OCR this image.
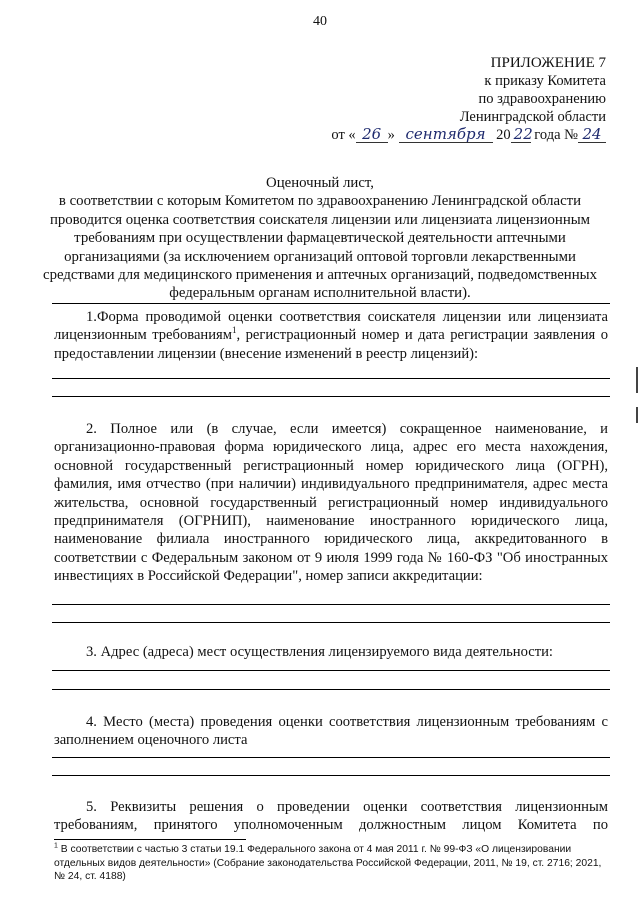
40
ПРИЛОЖЕНИЕ 7
к приказу Комитета
по здравоохранению
Ленинградской области
от « 26 » сентября 20 22 года № 24
Оценочный лист,
в соответствии с которым Комитетом по здравоохранению Ленинградской области проводится оценка соответствия соискателя лицензии или лицензиата лицензионным требованиям при осуществлении фармацевтической деятельности аптечными организациями (за исключением организаций оптовой торговли лекарственными средствами для медицинского применения и аптечных организаций, подведомственных федеральным органам исполнительной власти).
1.Форма проводимой оценки соответствия соискателя лицензии или лицензиата лицензионным требованиям$^1$, регистрационный номер и дата регистрации заявления о предоставлении лицензии (внесение изменений в реестр лицензий):
2. Полное или (в случае, если имеется) сокращенное наименование, и организационно-правовая форма юридического лица, адрес его места нахождения, основной государственный регистрационный номер юридического лица (ОГРН), фамилия, имя отчество (при наличии) индивидуального предпринимателя, адрес места жительства, основной государственный регистрационный номер индивидуального предпринимателя (ОГРНИП), наименование иностранного юридического лица, наименование филиала иностранного юридического лица, аккредитованного в соответствии с Федеральным законом от 9 июля 1999 года № 160-ФЗ "Об иностранных инвестициях в Российской Федерации", номер записи аккредитации:
3. Адрес (адреса) мест осуществления лицензируемого вида деятельности:
4. Место (места) проведения оценки соответствия лицензионным требованиям с заполнением оценочного листа
5. Реквизиты решения о проведении оценки соответствия лицензионным требованиям, принятого уполномоченным должностным лицом Комитета по
$^1$ В соответствии с частью 3 статьи 19.1 Федерального закона от 4 мая 2011 г. № 99-ФЗ «О лицензировании отдельных видов деятельности» (Собрание законодательства Российской Федерации, 2011, № 19, ст. 2716; 2021, № 24, ст. 4188)
